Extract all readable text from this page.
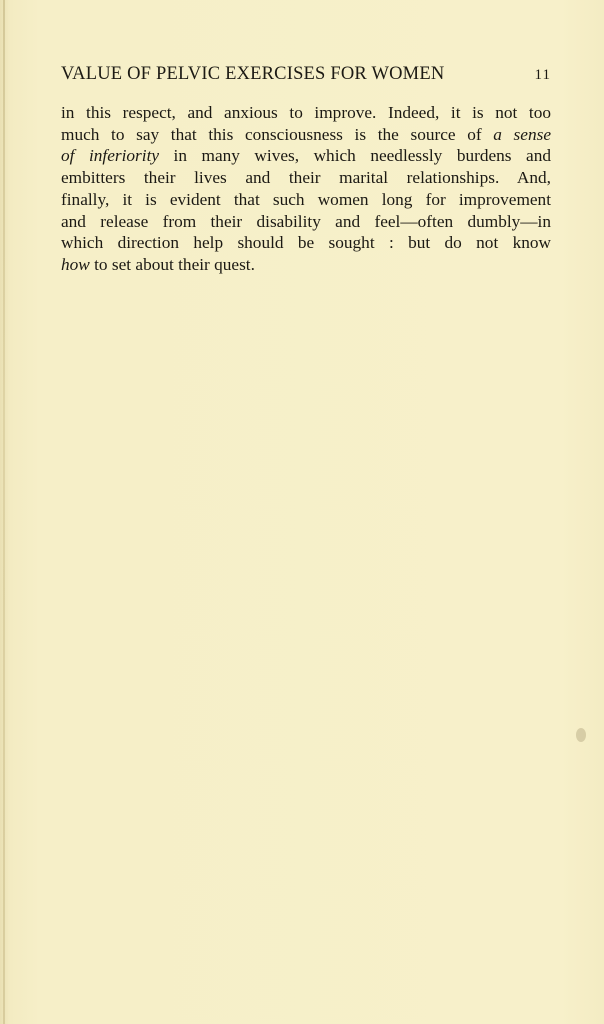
VALUE OF PELVIC EXERCISES FOR WOMEN	11
in this respect, and anxious to improve. Indeed, it is not too
much to say that this consciousness is the source of a sense
of inferiority in many wives, which needlessly burdens and
embitters their lives and their marital relationships. And,
finally, it is evident that such women long for improvement
and release from their disability and feel—often dumbly—in
which direction help should be sought : but do not know
how to set about their quest.
